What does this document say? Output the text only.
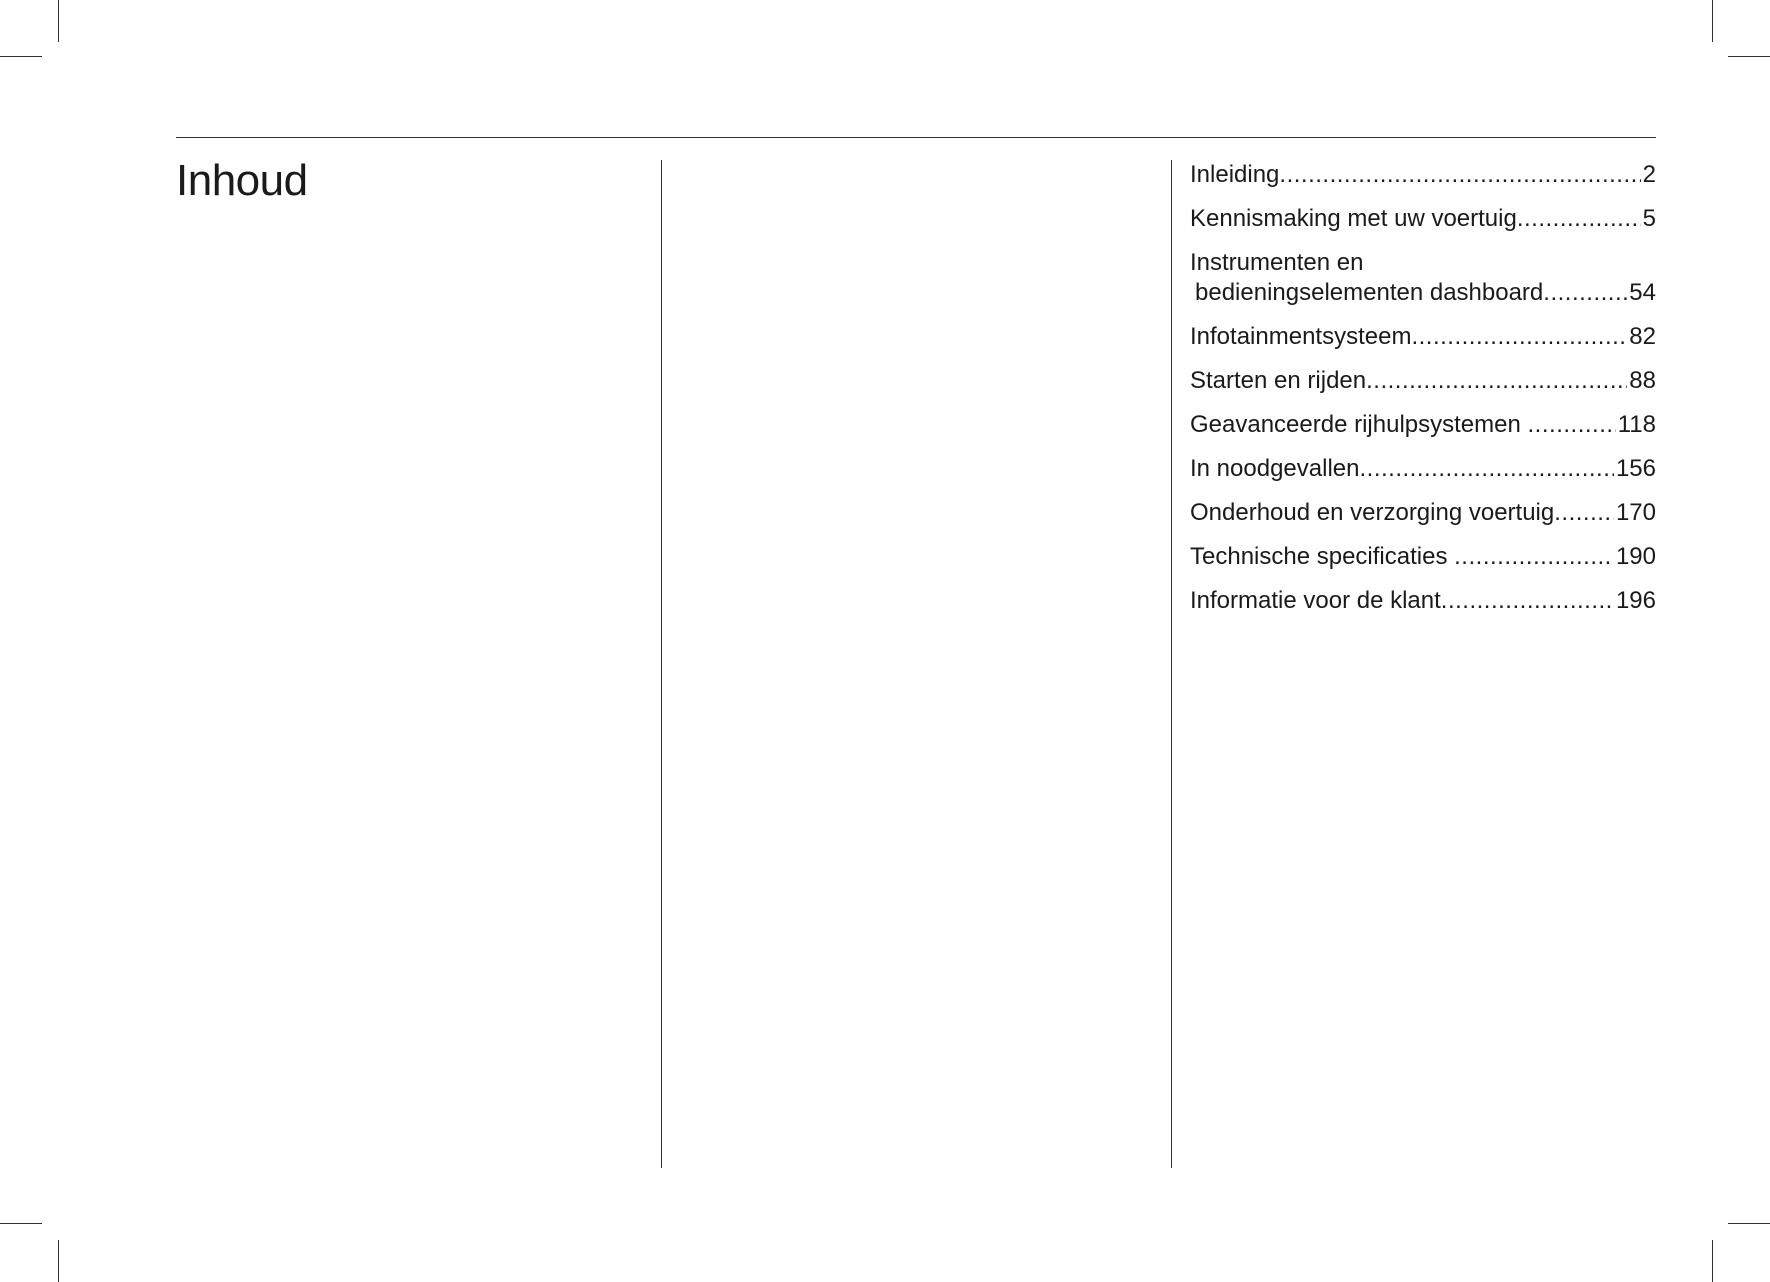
Inhoud	Inleiding .....	2
Kennismaking met uw voertuig .....	5
Instrumenten en
bedieningselementen dashboard .....	54
Infotainmentsysteem .....	82
Starten en rijden .....	88
Geavanceerde rijhulpsystemen .....	118
In noodgevallen .....	156
Onderhoud en verzorging voertuig .....	170
Technische specificaties .....	190
Informatie voor de klant .....	196
